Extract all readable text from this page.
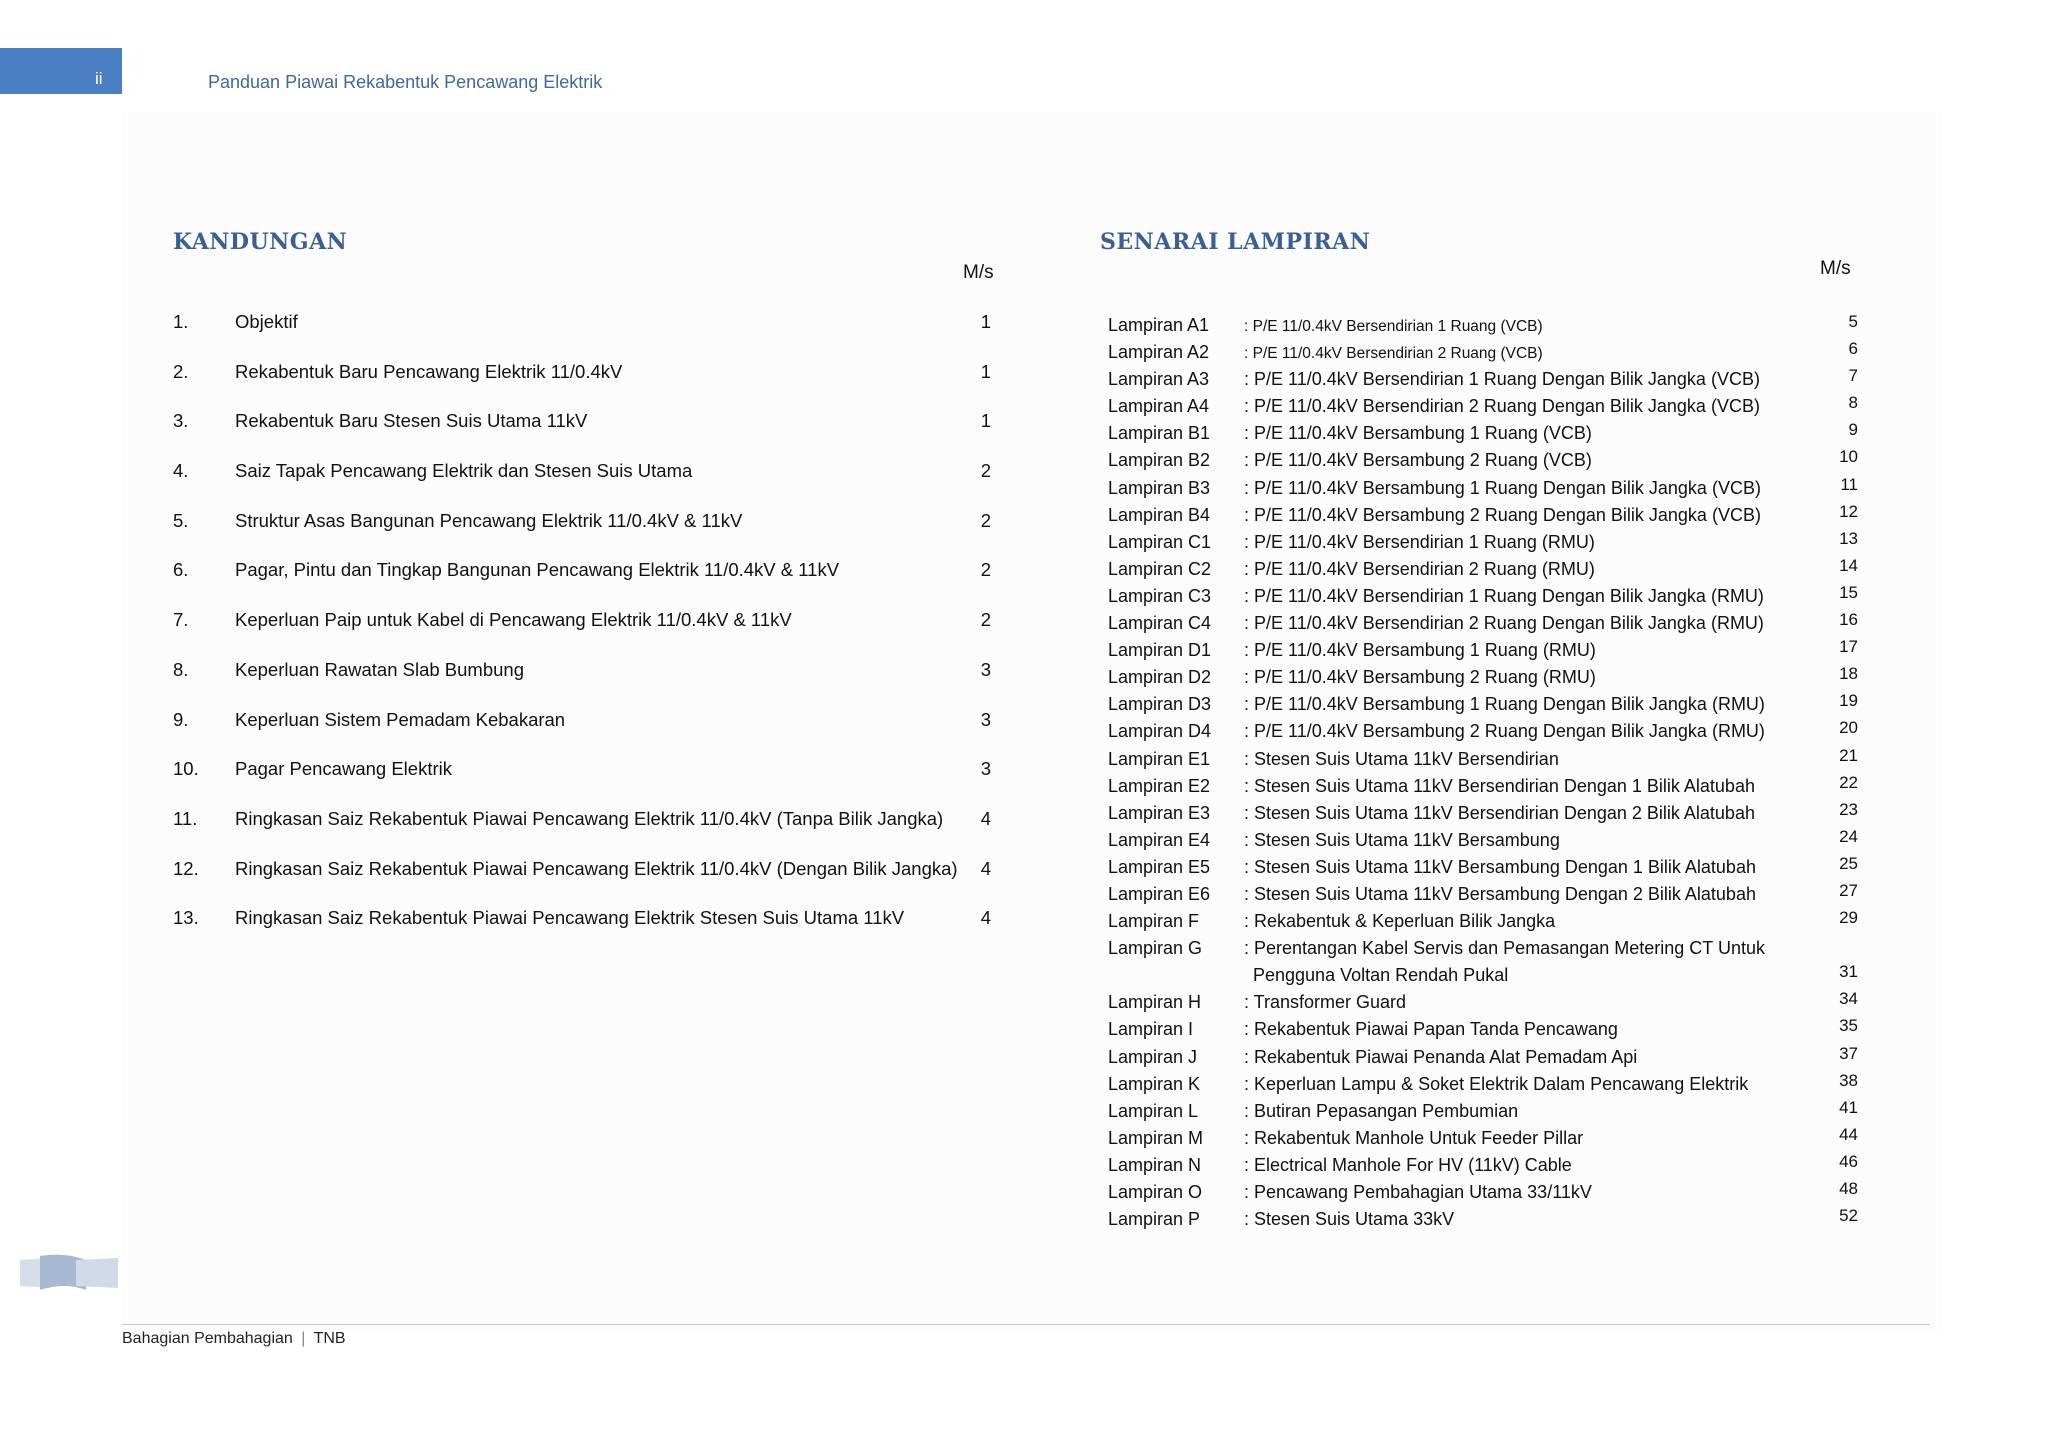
ii	Panduan Piawai Rekabentuk Pencawang Elektrik
KANDUNGAN
M/s
1.	Objektif	1
2.	Rekabentuk Baru Pencawang Elektrik 11/0.4kV	1
3.	Rekabentuk Baru Stesen Suis Utama 11kV	1
4.	Saiz Tapak Pencawang Elektrik dan Stesen Suis Utama	2
5.	Struktur Asas Bangunan Pencawang Elektrik 11/0.4kV & 11kV	2
6.	Pagar, Pintu dan Tingkap Bangunan Pencawang Elektrik 11/0.4kV & 11kV	2
7.	Keperluan Paip untuk Kabel di Pencawang Elektrik 11/0.4kV & 11kV	2
8.	Keperluan Rawatan Slab Bumbung	3
9.	Keperluan Sistem Pemadam Kebakaran	3
10. Pagar Pencawang Elektrik	3
11. Ringkasan Saiz Rekabentuk Piawai Pencawang Elektrik 11/0.4kV (Tanpa Bilik Jangka)	4
12. Ringkasan Saiz Rekabentuk Piawai Pencawang Elektrik 11/0.4kV (Dengan Bilik Jangka)	4
13. Ringkasan Saiz Rekabentuk Piawai Pencawang Elektrik Stesen Suis Utama 11kV	4
SENARAI LAMPIRAN
M/s
Lampiran A1 : P/E 11/0.4kV Bersendirian 1 Ruang (VCB)	5
Lampiran A2 : P/E 11/0.4kV Bersendirian 2 Ruang (VCB)	6
Lampiran A3 : P/E 11/0.4kV Bersendirian 1 Ruang Dengan Bilik Jangka (VCB)	7
Lampiran A4 : P/E 11/0.4kV Bersendirian 2 Ruang Dengan Bilik Jangka (VCB)	8
Lampiran B1 : P/E 11/0.4kV Bersambung 1 Ruang (VCB)	9
Lampiran B2 : P/E 11/0.4kV Bersambung 2 Ruang (VCB)	10
Lampiran B3 : P/E 11/0.4kV Bersambung 1 Ruang Dengan Bilik Jangka (VCB)	11
Lampiran B4 : P/E 11/0.4kV Bersambung 2 Ruang Dengan Bilik Jangka (VCB)	12
Lampiran C1 : P/E 11/0.4kV Bersendirian 1 Ruang (RMU)	13
Lampiran C2 : P/E 11/0.4kV Bersendirian 2 Ruang (RMU)	14
Lampiran C3 : P/E 11/0.4kV Bersendirian 1 Ruang Dengan Bilik Jangka (RMU)	15
Lampiran C4 : P/E 11/0.4kV Bersendirian 2 Ruang Dengan Bilik Jangka (RMU)	16
Lampiran D1 : P/E 11/0.4kV Bersambung 1 Ruang (RMU)	17
Lampiran D2 : P/E 11/0.4kV Bersambung 2 Ruang (RMU)	18
Lampiran D3 : P/E 11/0.4kV Bersambung 1 Ruang Dengan Bilik Jangka (RMU)	19
Lampiran D4 : P/E 11/0.4kV Bersambung 2 Ruang Dengan Bilik Jangka (RMU)	20
Lampiran E1 : Stesen Suis Utama 11kV Bersendirian	21
Lampiran E2 : Stesen Suis Utama 11kV Bersendirian Dengan 1 Bilik Alatubah	22
Lampiran E3 : Stesen Suis Utama 11kV Bersendirian Dengan 2 Bilik Alatubah	23
Lampiran E4 : Stesen Suis Utama 11kV Bersambung	24
Lampiran E5 : Stesen Suis Utama 11kV Bersambung Dengan 1 Bilik Alatubah	25
Lampiran E6 : Stesen Suis Utama 11kV Bersambung Dengan 2 Bilik Alatubah	27
Lampiran F : Rekabentuk & Keperluan Bilik Jangka	29
Lampiran G : Perentangan Kabel Servis dan Pemasangan Metering CT Untuk
Pengguna Voltan Rendah Pukal	31
Lampiran H : Transformer Guard	34
Lampiran I	: Rekabentuk Piawai Papan Tanda Pencawang	35
Lampiran J	: Rekabentuk Piawai Penanda Alat Pemadam Api	37
Lampiran K : Keperluan Lampu & Soket Elektrik Dalam Pencawang Elektrik	38
Lampiran L	: Butiran Pepasangan Pembumian	41
Lampiran M : Rekabentuk Manhole Untuk Feeder Pillar	44
Lampiran N : Electrical Manhole For HV (11kV) Cable	46
Lampiran O : Pencawang Pembahagian Utama 33/11kV	48
Lampiran P : Stesen Suis Utama 33kV	52
Bahagian Pembahagian | TNB
